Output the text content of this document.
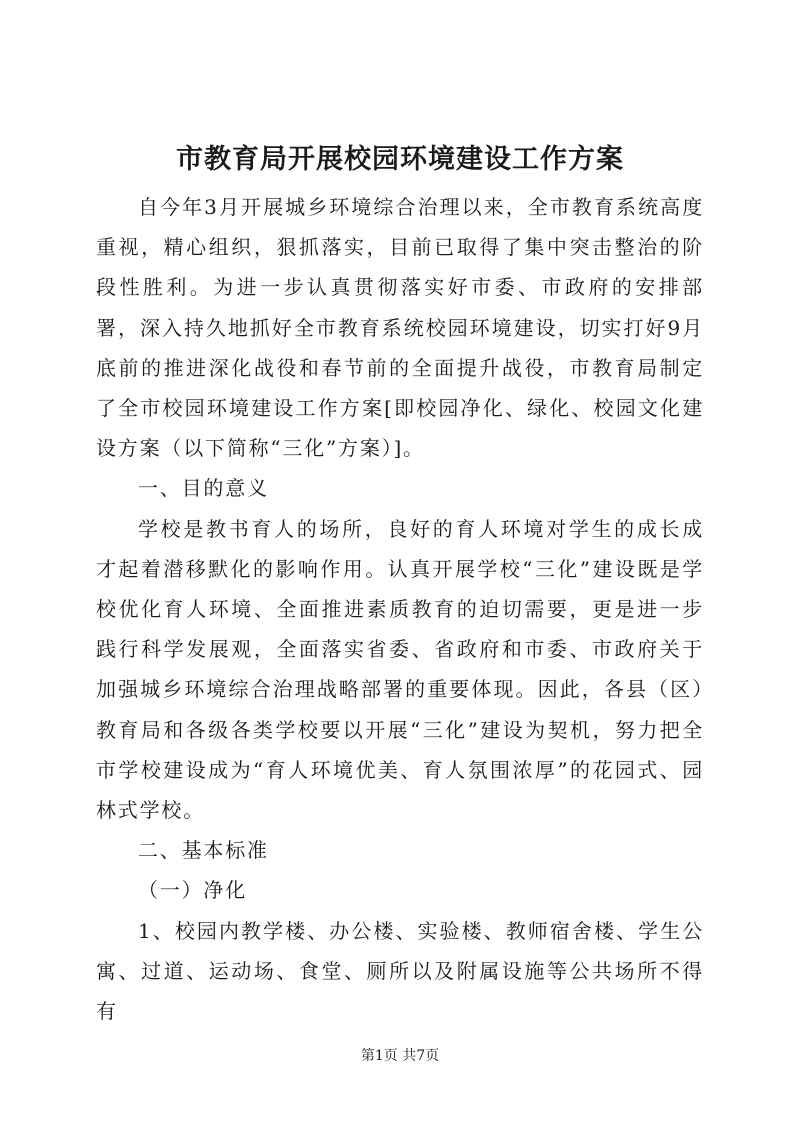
市教育局开展校园环境建设工作方案

自今年3月开展城乡环境综合治理以来，全市教育系统高度重视，精心组织，狠抓落实，目前已取得了集中突击整治的阶段性胜利。为进一步认真贯彻落实好市委、市政府的安排部署，深入持久地抓好全市教育系统校园环境建设，切实打好9月底前的推进深化战役和春节前的全面提升战役，市教育局制定了全市校园环境建设工作方案[即校园净化、绿化、校园文化建设方案（以下简称“三化”方案）]。

一、目的意义

学校是教书育人的场所，良好的育人环境对学生的成长成才起着潜移默化的影响作用。认真开展学校“三化”建设既是学校优化育人环境、全面推进素质教育的迫切需要，更是进一步践行科学发展观，全面落实省委、省政府和市委、市政府关于加强城乡环境综合治理战略部署的重要体现。因此，各县（区）教育局和各级各类学校要以开展“三化”建设为契机，努力把全市学校建设成为“育人环境优美、育人氛围浓厚”的花园式、园林式学校。

二、基本标准

（一）净化

1、校园内教学楼、办公楼、实验楼、教师宿舍楼、学生公寓、过道、运动场、食堂、厕所以及附属设施等公共场所不得有

第1页 共7页
